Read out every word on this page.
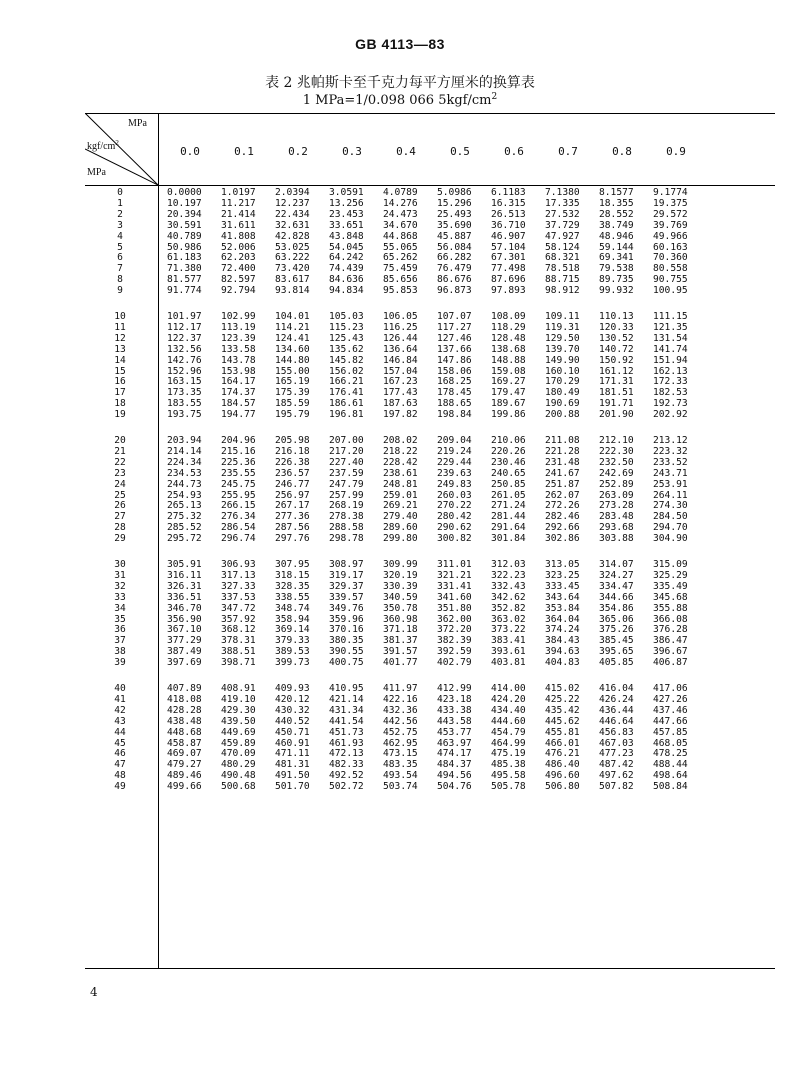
GB 4113—83
表 2 兆帕斯卡至千克力每平方厘米的换算表
1 MPa=1/0.098 066 $5kgf/cm^2$
MPa
kgf/$cm^2$
MPa
0.0	0.1	0.2	0.3	0.4	0.5	0.6	0.7	0.8	0.9
0	0.0000 1.0197 2.0394 3.0591 4.0789 5.0986 6.1183 7.1380 8.1577 9.1774
1	10.197 11.217 12.237 13.256 14.276 15.296 16.315 17.335 18.355 19.375
2	20.394 21.414 22.434 23.453 24.473 25.493 26.513 27.532 28.552 29.572
3	30.591 31.611 32.631 33.651 34.670 35.690 36.710 37.729 38.749 39.769
4	40.789 41.808 42.828 43.848 44.868 45.887 46.907 47.927 48.946 49.966
5	50.986 52.006 53.025 54.045 55.065 56.084 57.104 58.124 59.144 60.163
6	61.183 62.203 63.222 64.242 65.262 66.282 67.301 68.321 69.341 70.360
7	71.380 72.400 73.420 74.439 75.459 76.479 77.498 78.518 79.538 80.558
8	81.577 82.597 83.617 84.636 85.656 86.676 87.696 88.715 89.735 90.755
9	91.774 92.794 93.814 94.834 95.853 96.873 97.893 98.912 99.932 100.95
10	101.97 102.99 104.01 105.03 106.05 107.07 108.09 109.11 110.13 111.15
11	112.17 113.19 114.21 115.23 116.25 117.27 118.29 119.31 120.33 121.35
12	122.37 123.39 124.41 125.43 126.44 127.46 128.48 129.50 130.52 131.54
13	132.56 133.58 134.60 135.62 136.64 137.66 138.68 139.70 140.72 141.74
14	142.76 143.78 144.80 145.82 146.84 147.86 148.88 149.90 150.92 151.94
15	152.96 153.98 155.00 156.02 157.04 158.06 159.08 160.10 161.12 162.13
16	163.15 164.17 165.19 166.21 167.23 168.25 169.27 170.29 171.31 172.33
17	173.35 174.37 175.39 176.41 177.43 178.45 179.47 180.49 181.51 182.53
18	183.55 184.57 185.59 186.61 187.63 188.65 189.67 190.69 191.71 192.73
19	193.75 194.77 195.79 196.81 197.82 198.84 199.86 200.88 201.90 202.92
20	203.94 204.96 205.98 207.00 208.02 209.04 210.06 211.08 212.10 213.12
21	214.14 215.16 216.18 217.20 218.22 219.24 220.26 221.28 222.30 223.32
22	224.34 225.36 226.38 227.40 228.42 229.44 230.46 231.48 232.50 233.52
23	234.53 235.55 236.57 237.59 238.61 239.63 240.65 241.67 242.69 243.71
24	244.73 245.75 246.77 247.79 248.81 249.83 250.85 251.87 252.89 253.91
25	254.93 255.95 256.97 257.99 259.01 260.03 261.05 262.07 263.09 264.11
26	265.13 266.15 267.17 268.19 269.21 270.22 271.24 272.26 273.28 274.30
27	275.32 276.34 277.36 278.38 279.40 280.42 281.44 282.46 283.48 284.50
28	285.52 286.54 287.56 288.58 289.60 290.62 291.64 292.66 293.68 294.70
29	295.72 296.74 297.76 298.78 299.80 300.82 301.84 302.86 303.88 304.90
30	305.91 306.93 307.95 308.97 309.99 311.01 312.03 313.05 314.07 315.09
31	316.11 317.13 318.15 319.17 320.19 321.21 322.23 323.25 324.27 325.29
32	326.31 327.33 328.35 329.37 330.39 331.41 332.43 333.45 334.47 335.49
33	336.51 337.53 338.55 339.57 340.59 341.60 342.62 343.64 344.66 345.68
34	346.70 347.72 348.74 349.76 350.78 351.80 352.82 353.84 354.86 355.88
35	356.90 357.92 358.94 359.96 360.98 362.00 363.02 364.04 365.06 366.08
36	367.10 368.12 369.14 370.16 371.18 372.20 373.22 374.24 375.26 376.28
37	377.29 378.31 379.33 380.35 381.37 382.39 383.41 384.43 385.45 386.47
38	387.49 388.51 389.53 390.55 391.57 392.59 393.61 394.63 395.65 396.67
39	397.69 398.71 399.73 400.75 401.77 402.79 403.81 404.83 405.85 406.87
40	407.89 408.91 409.93 410.95 411.97 412.99 414.00 415.02 416.04 417.06
41	418.08 419.10 420.12 421.14 422.16 423.18 424.20 425.22 426.24 427.26
42	428.28 429.30 430.32 431.34 432.36 433.38 434.40 435.42 436.44 437.46
43	438.48 439.50 440.52 441.54 442.56 443.58 444.60 445.62 446.64 447.66
44	448.68 449.69 450.71 451.73 452.75 453.77 454.79 455.81 456.83 457.85
45	458.87 459.89 460.91 461.93 462.95 463.97 464.99 466.01 467.03 468.05
46	469.07 470.09 471.11 472.13 473.15 474.17 475.19 476.21 477.23 478.25
47	479.27 480.29 481.31 482.33 483.35 484.37 485.38 486.40 487.42 488.44
48	489.46 490.48 491.50 492.52 493.54 494.56 495.58 496.60 497.62 498.64
49	499.66 500.68 501.70 502.72 503.74 504.76 505.78 506.80 507.82 508.84
4
